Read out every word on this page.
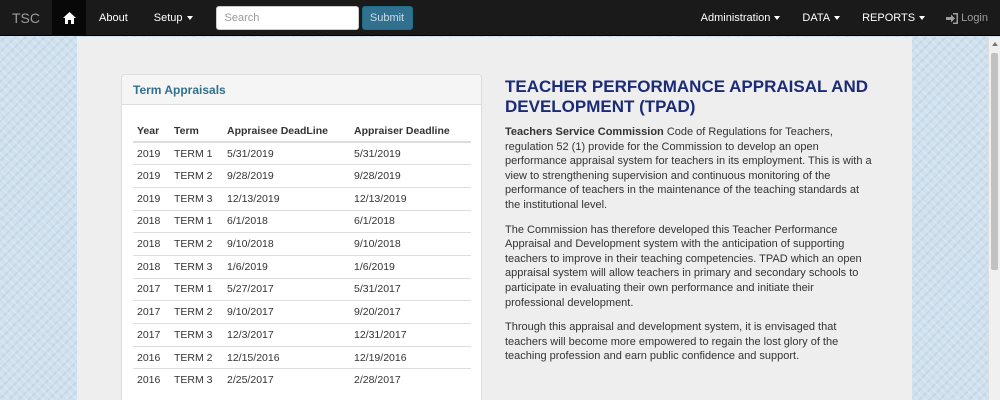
TSC	About	Setup
Search	Submit	Administration	DATA	REPORTS	Login
Term Appraisals
Year	Term	Appraisee DeadLine	Appraiser Deadline
2019	TERM 1	5/31/2019	5/31/2019
2019	TERM 2	9/28/2019	9/28/2019
2019	TERM 3	12/13/2019	12/13/2019
2018	TERM 1	6/1/2018	6/1/2018
2018	TERM 2	9/10/2018	9/10/2018
2018	TERM 3	1/6/2019	1/6/2019
2017	TERM 1	5/27/2017	5/31/2017
2017	TERM 2	9/10/2017	9/20/2017
2017	TERM 3	12/3/2017	12/31/2017
2016	TERM 2	12/15/2016	12/19/2016
2016	TERM 3	2/25/2017	2/28/2017
TEACHER PERFORMANCE APPRAISAL AND DEVELOPMENT (TPAD)

Teachers Service Commission Code of Regulations for Teachers, regulation 52 (1) provide for the Commission to develop an open performance appraisal system for teachers in its employment. This is with a view to strengthening supervision and continuous monitoring of the performance of teachers in the maintenance of the teaching standards at the institutional level.

The Commission has therefore developed this Teacher Performance Appraisal and Development system with the anticipation of supporting teachers to improve in their teaching competencies. TPAD which an open appraisal system will allow teachers in primary and secondary schools to participate in evaluating their own performance and initiate their professional development.

Through this appraisal and development system, it is envisaged that teachers will become more empowered to regain the lost glory of the teaching profession and earn public confidence and support.
